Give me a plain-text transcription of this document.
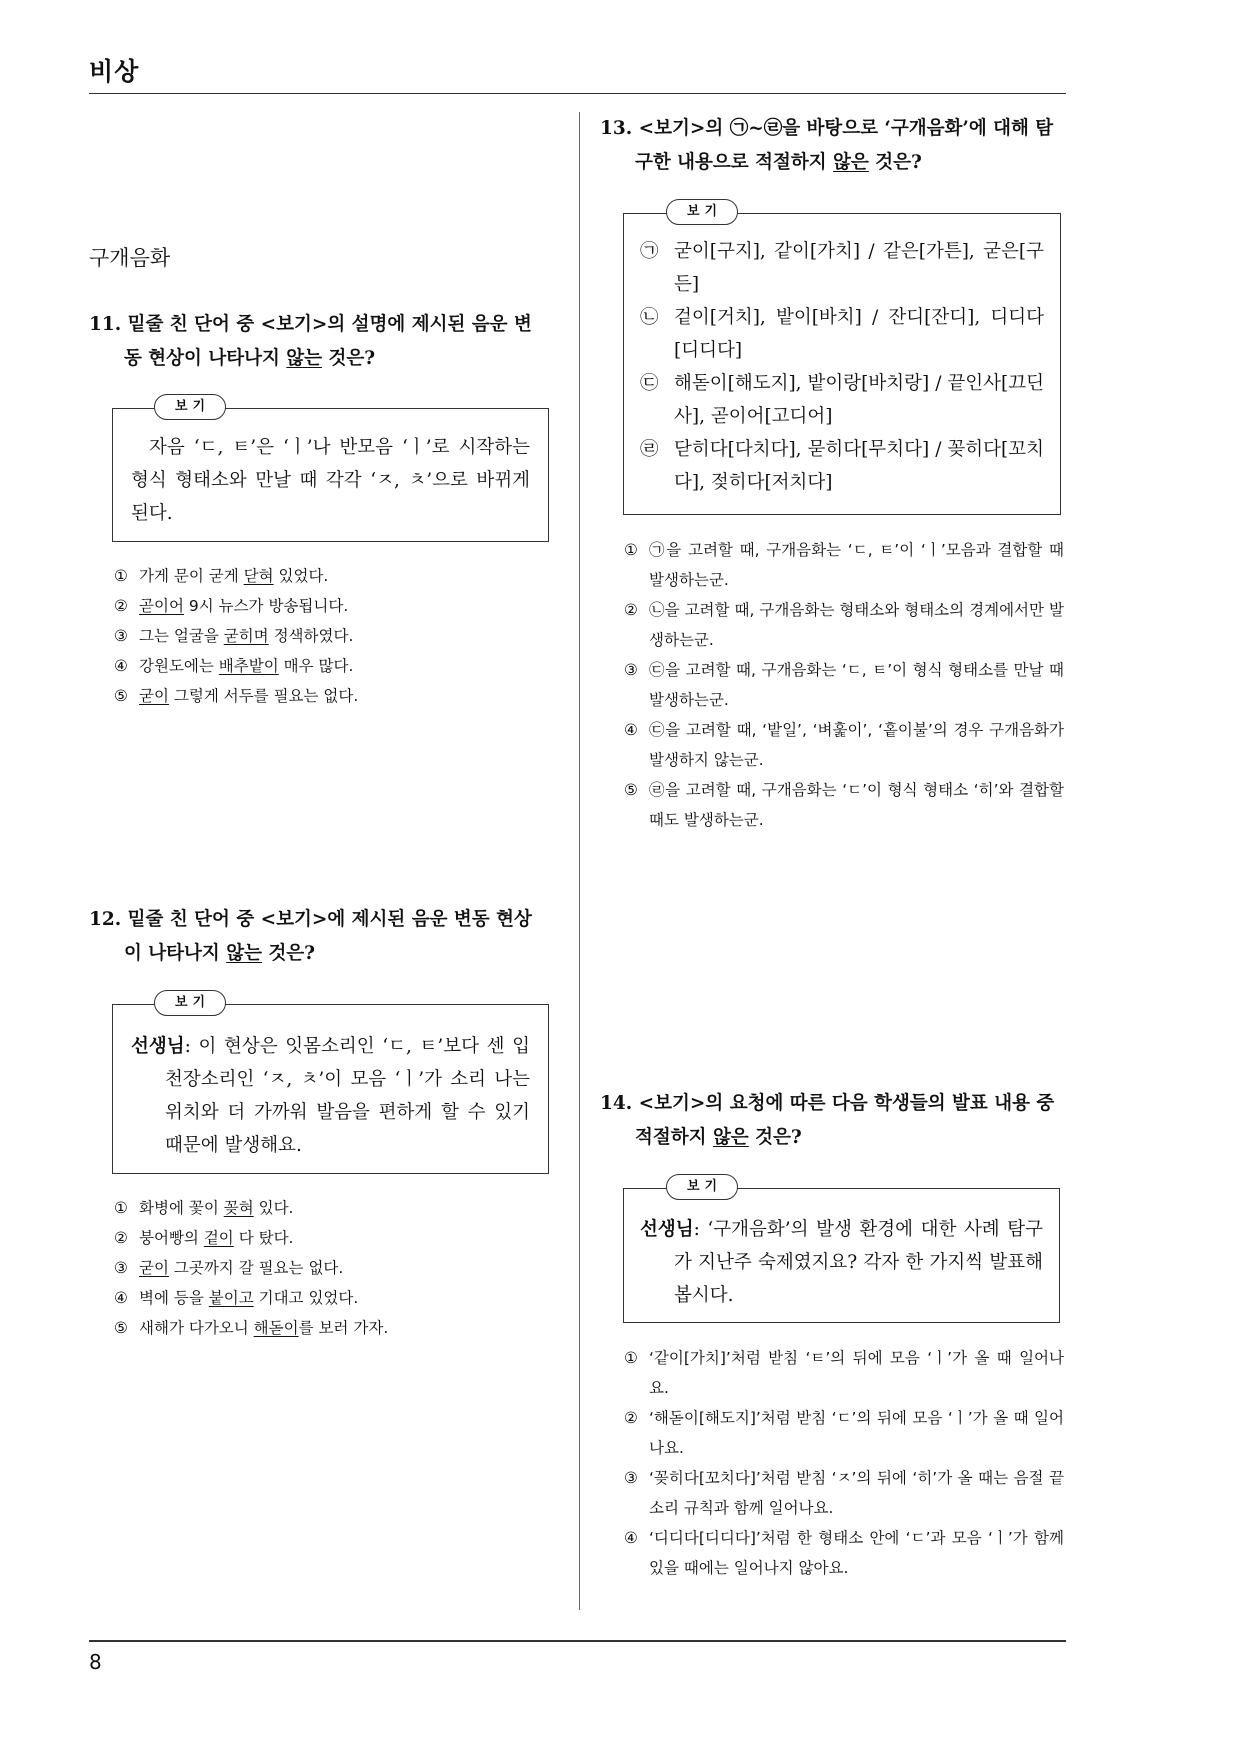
비상
8
구개음화
11. 밑줄 친 단어 중 <보기>의 설명에 제시된 음운 변
동 현상이 나타나지 않는 것은?
보기
자음 ‘ㄷ, ㅌ’은 ‘ㅣ’나 반모음 ‘ㅣ’로 시작하는 형식 형태소와 만날 때 각각 ‘ㅈ, ㅊ’으로 바뀌게 된다.
① 가게 문이 굳게 닫혀 있었다.
② 곧이어 9시 뉴스가 방송됩니다.
③ 그는 얼굴을 굳히며 정색하였다.
④ 강원도에는 배추밭이 매우 많다.
⑤ 굳이 그렇게 서두를 필요는 없다.
12. 밑줄 친 단어 중 <보기>에 제시된 음운 변동 현상
이 나타나지 않는 것은?
보기
선생님: 이 현상은 잇몸소리인 ‘ㄷ, ㅌ’보다 센 입천장소리인 ‘ㅈ, ㅊ’이 모음 ‘ㅣ’가 소리 나는 위치와 더 가까워 발음을 편하게 할 수 있기 때문에 발생해요.
① 화병에 꽃이 꽂혀 있다.
② 붕어빵의 겉이 다 탔다.
③ 굳이 그곳까지 갈 필요는 없다.
④ 벽에 등을 붙이고 기대고 있었다.
⑤ 새해가 다가오니 해돋이를 보러 가자.
13. <보기>의 ㉠~㉣을 바탕으로 ‘구개음화’에 대해 탐
구한 내용으로 적절하지 않은 것은?
보기
㉠ 굳이[구지], 같이[가치] / 같은[가튼], 굳은[구든]
㉡ 겉이[거치], 밭이[바치] / 잔디[잔디], 디디다[디디다]
㉢ 해돋이[해도지], 밭이랑[바치랑] / 끝인사[끄딘사], 곧이어[고디어]
㉣ 닫히다[다치다], 묻히다[무치다] / 꽂히다[꼬치다], 젖히다[저치다]
① ㉠을 고려할 때, 구개음화는 ‘ㄷ, ㅌ’이 ‘ㅣ’모음과 결합할 때 발생하는군.
② ㉡을 고려할 때, 구개음화는 형태소와 형태소의 경계에서만 발생하는군.
③ ㉢을 고려할 때, 구개음화는 ‘ㄷ, ㅌ’이 형식 형태소를 만날 때 발생하는군.
④ ㉢을 고려할 때, ‘밭일’, ‘벼훑이’, ‘홑이불’의 경우 구개음화가 발생하지 않는군.
⑤ ㉣을 고려할 때, 구개음화는 ‘ㄷ’이 형식 형태소 ‘히’와 결합할 때도 발생하는군.
14. <보기>의 요청에 따른 다음 학생들의 발표 내용 중
적절하지 않은 것은?
보기
선생님: ‘구개음화’의 발생 환경에 대한 사례 탐구가 지난주 숙제였지요? 각자 한 가지씩 발표해 봅시다.
① ‘같이[가치]’처럼 받침 ‘ㅌ’의 뒤에 모음 ‘ㅣ’가 올 때 일어나요.
② ‘해돋이[해도지]’처럼 받침 ‘ㄷ’의 뒤에 모음 ‘ㅣ’가 올 때 일어나요.
③ ‘꽂히다[꼬치다]’처럼 받침 ‘ㅈ’의 뒤에 ‘히’가 올 때는 음절 끝소리 규칙과 함께 일어나요.
④ ‘디디다[디디다]’처럼 한 형태소 안에 ‘ㄷ’과 모음 ‘ㅣ’가 함께 있을 때에는 일어나지 않아요.
